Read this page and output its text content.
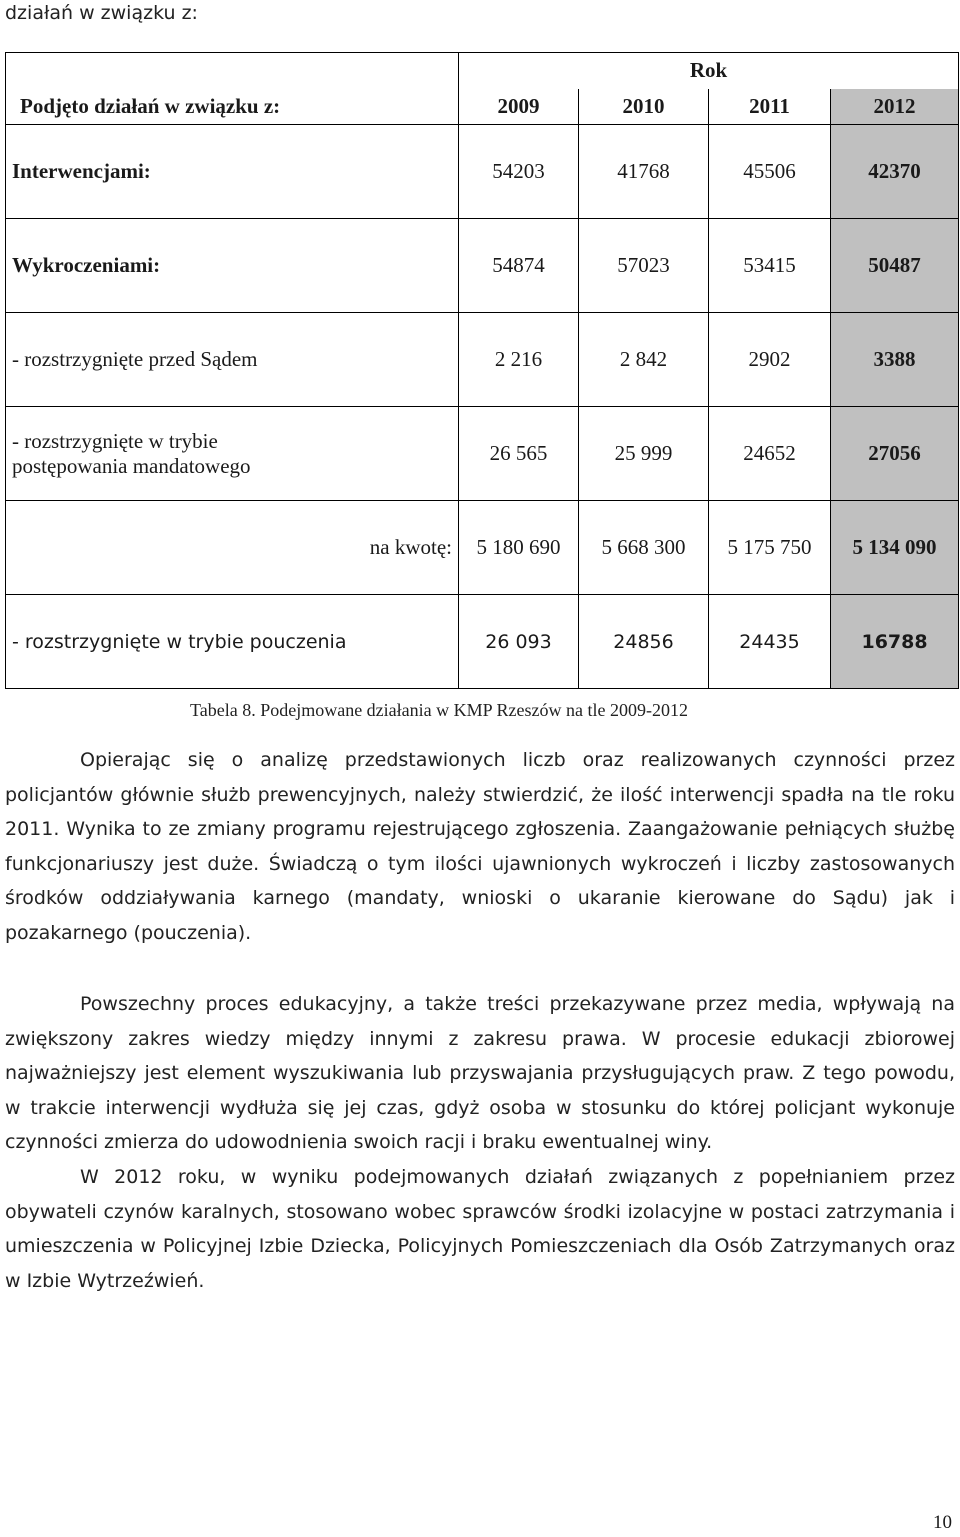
działań w związku z:
	Rok			
Podjęto działań w związku z:	2009	2010	2011	2012
Interwencjami:	54203	41768	45506	42370
Wykroczeniami:	54874	57023	53415	50487
- rozstrzygnięte przed Sądem	2 216	2 842	2902	3388

- rozstrzygnięte w trybie
postępowania mandatowego	26 565	25 999	24652	27056
na kwotę:	5 180 690	5 668 300	5 175 750	5 134 090
- rozstrzygnięte w trybie pouczenia	26 093	24856	24435	16788
Tabela 8. Podejmowane działania w KMP Rzeszów na tle 2009-2012
Opierając się o analizę przedstawionych liczb oraz realizowanych czynności przez policjantów głównie służb prewencyjnych, należy stwierdzić, że ilość interwencji spadła na tle roku 2011. Wynika to ze zmiany programu rejestrującego zgłoszenia. Zaangażowanie pełniących służbę funkcjonariuszy jest duże. Świadczą o tym ilości ujawnionych wykroczeń i liczby zastosowanych środków oddziaływania karnego (mandaty, wnioski o ukaranie kierowane do Sądu) jak i pozakarnego (pouczenia).
Powszechny proces edukacyjny, a także treści przekazywane przez media, wpływają na zwiększony zakres wiedzy między innymi z zakresu prawa. W procesie edukacji zbiorowej najważniejszy jest element wyszukiwania lub przyswajania przysługujących praw. Z tego powodu, w trakcie interwencji wydłuża się jej czas, gdyż osoba w stosunku do której policjant wykonuje czynności zmierza do udowodnienia swoich racji i braku ewentualnej winy.
W 2012 roku, w wyniku podejmowanych działań związanych z popełnianiem przez obywateli czynów karalnych, stosowano wobec sprawców środki izolacyjne w postaci zatrzymania i umieszczenia w Policyjnej Izbie Dziecka, Policyjnych Pomieszczeniach dla Osób Zatrzymanych oraz w Izbie Wytrzeźwień.
10
